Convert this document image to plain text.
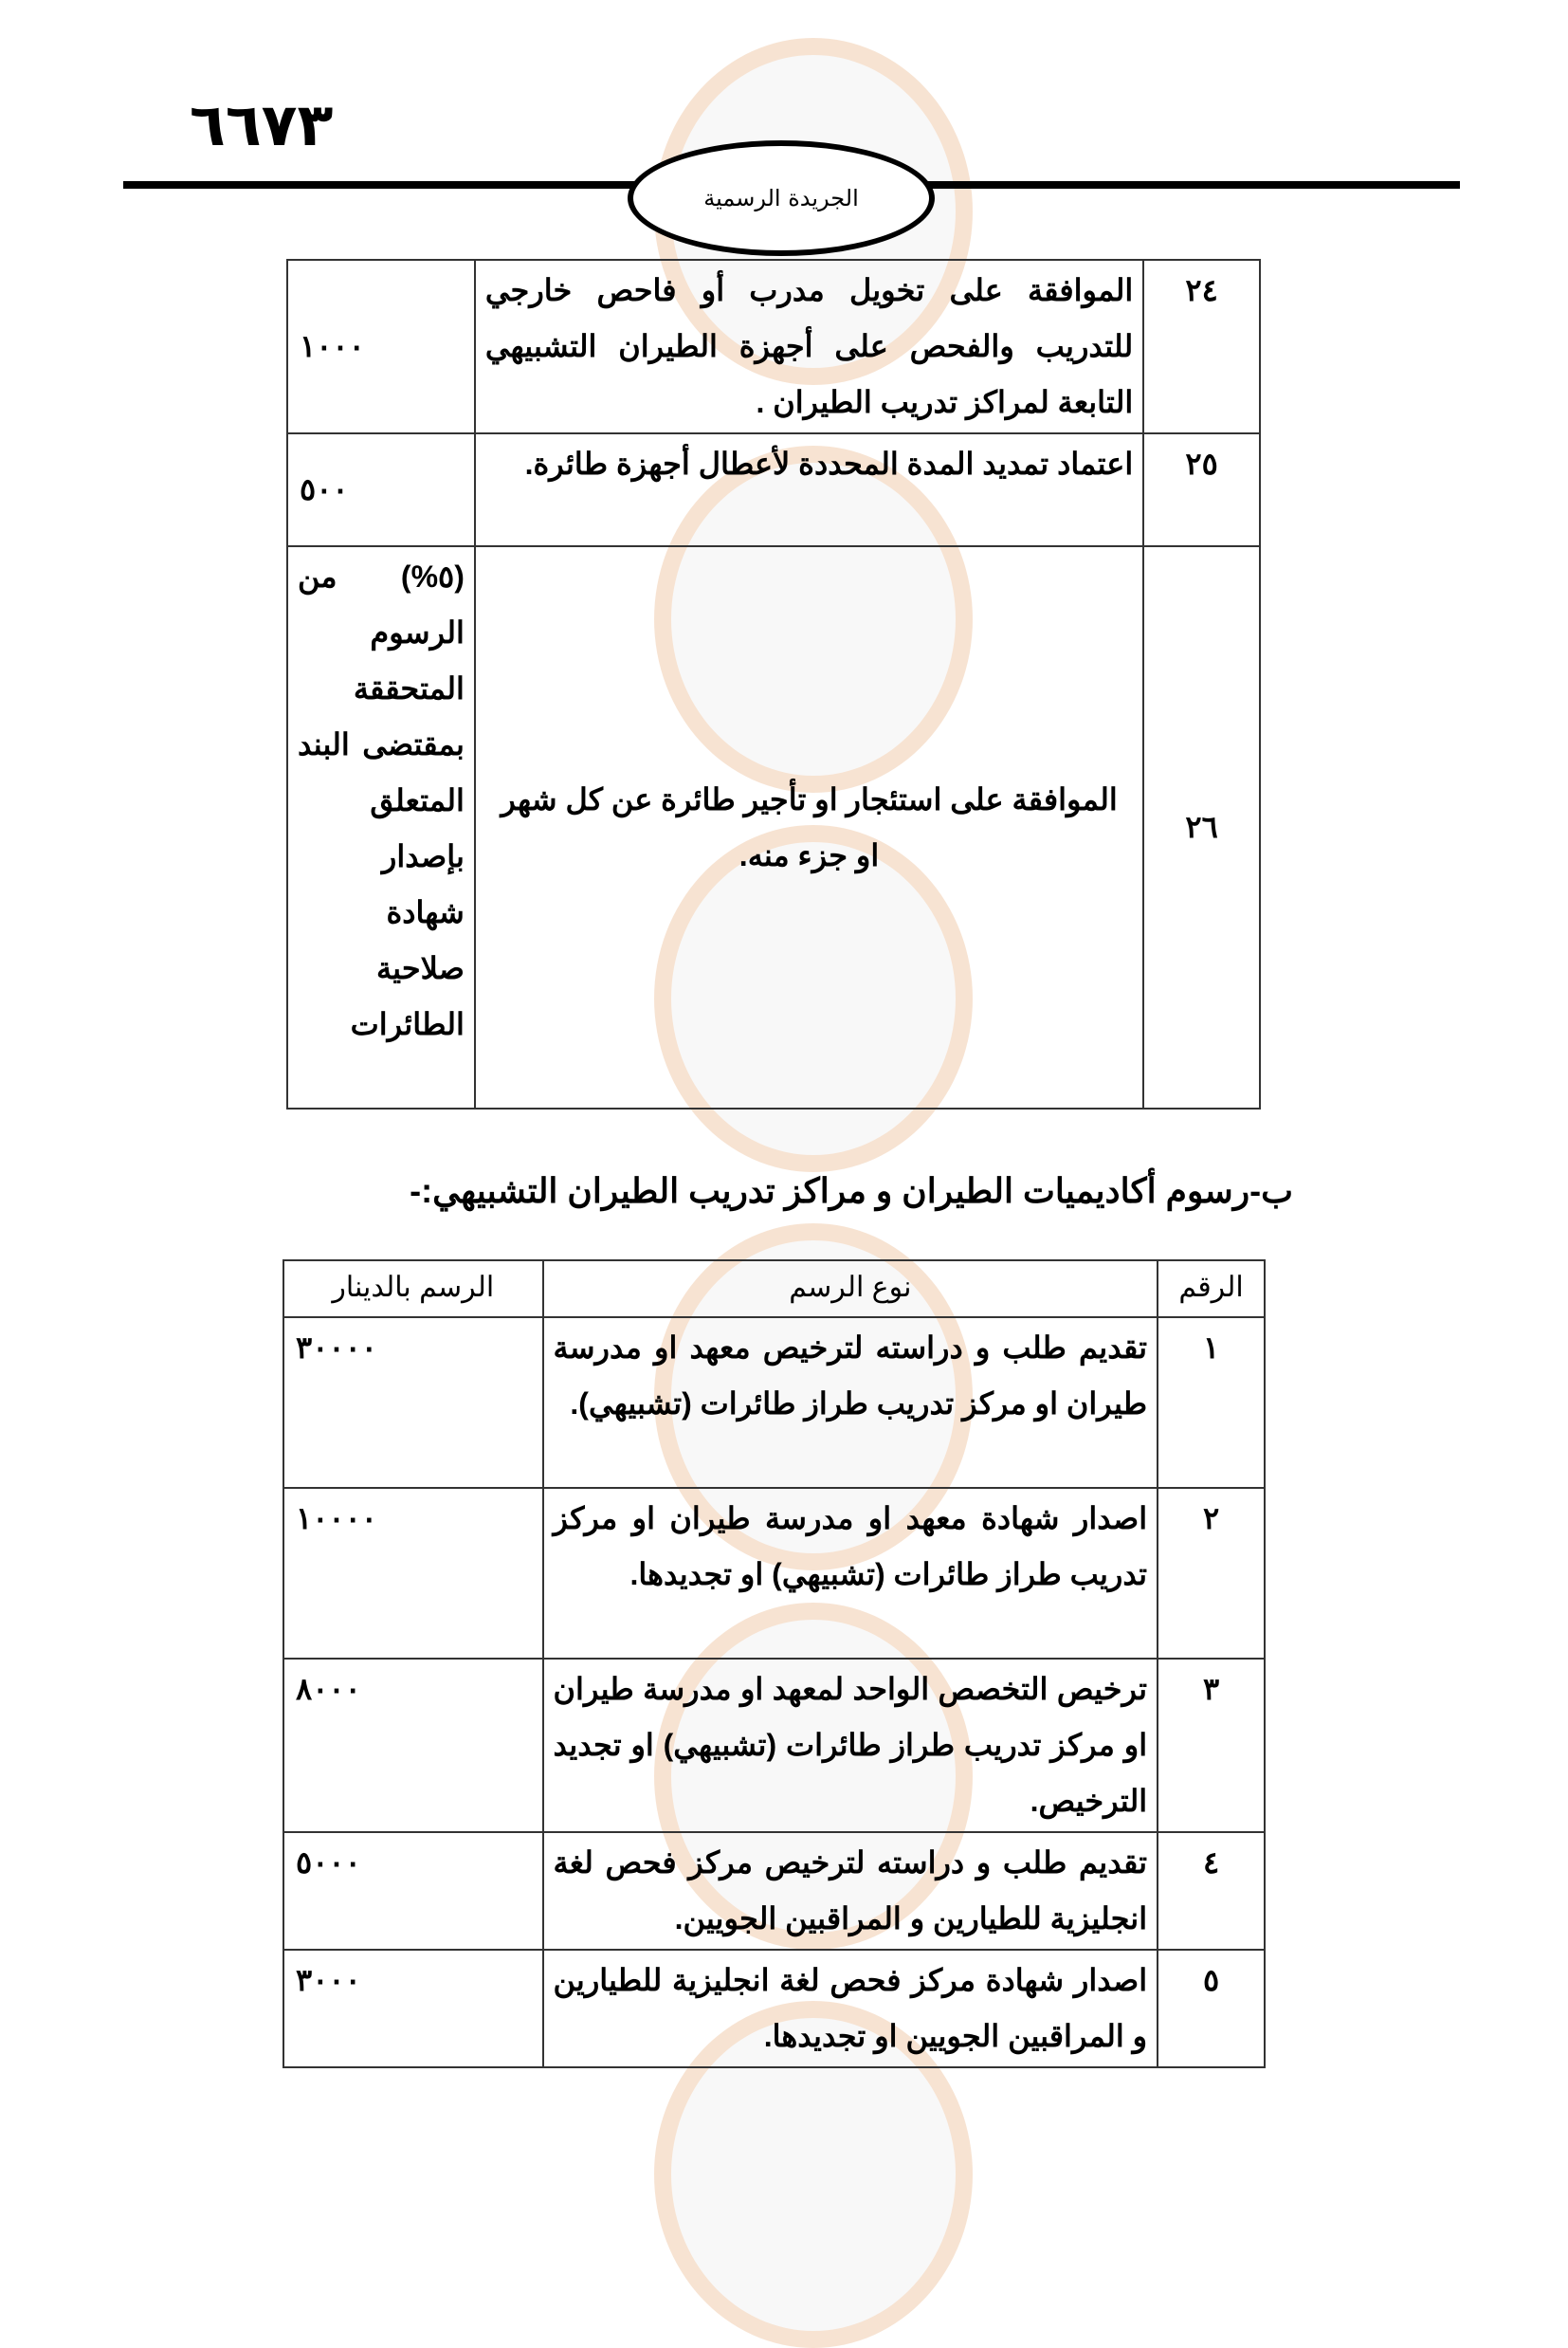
٦٦٧٣
الجريدة الرسمية
٢٤	الموافقة على تخويل مدرب أو فاحص خارجي للتدريب والفحص على أجهزة الطيران التشبيهي التابعة لمراكز تدريب الطيران .	١٠٠٠
٢٥	اعتماد تمديد المدة المحددة لأعطال أجهزة طائرة.	٥٠٠
٢٦	الموافقة على استئجار او تأجير طائرة عن كل شهر او جزء منه.	(٥%) من الرسوم المتحققة بمقتضى البند المتعلق بإصدار شهادة صلاحية الطائرات
ب-رسوم أكاديميات الطيران و مراكز تدريب الطيران التشبيهي:-
الرقم	نوع الرسم	الرسم بالدينار
١	تقديم طلب و دراسته لترخيص معهد او مدرسة طيران او مركز تدريب طراز طائرات (تشبيهي).	٣٠٠٠٠
٢	اصدار شهادة معهد او مدرسة طيران او مركز تدريب طراز طائرات (تشبيهي) او تجديدها.	١٠٠٠٠
٣	ترخيص التخصص الواحد لمعهد او مدرسة طيران او مركز تدريب طراز طائرات (تشبيهي) او تجديد الترخيص.	٨٠٠٠
٤	تقديم طلب و دراسته لترخيص مركز فحص لغة انجليزية للطيارين و المراقبين الجويين.	٥٠٠٠
٥	اصدار شهادة مركز فحص لغة انجليزية للطيارين و المراقبين الجويين او تجديدها.	٣٠٠٠
